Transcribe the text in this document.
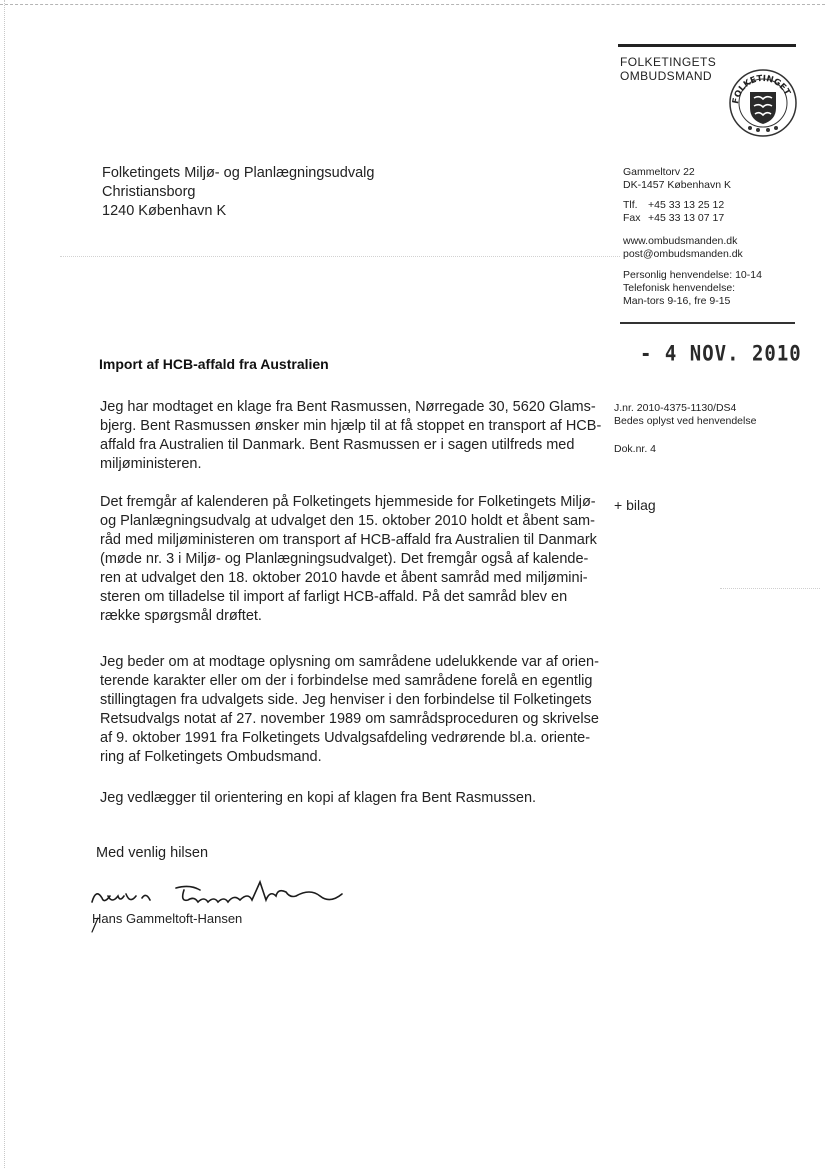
FOLKETINGETS
OMBUDSMAND
FOLKETINGET
Folketingets Miljø- og Planlægningsudvalg
Christiansborg
1240 København K
Gammeltorv 22
DK-1457 København K
Tlf. +45 33 13 25 12
Fax +45 33 13 07 17
www.ombudsmanden.dk
post@ombudsmanden.dk
Personlig henvendelse: 10-14
Telefonisk henvendelse:
Man-tors 9-16, fre 9-15
- 4 NOV. 2010
Import af HCB-affald fra Australien
J.nr. 2010-4375-1130/DS4
Bedes oplyst ved henvendelse
Dok.nr. 4
+ bilag
Jeg har modtaget en klage fra Bent Rasmussen, Nørregade 30, 5620 Glams-
bjerg. Bent Rasmussen ønsker min hjælp til at få stoppet en transport af HCB-
affald fra Australien til Danmark. Bent Rasmussen er i sagen utilfreds med
miljøministeren.
Det fremgår af kalenderen på Folketingets hjemmeside for Folketingets Miljø-
og Planlægningsudvalg at udvalget den 15. oktober 2010 holdt et åbent sam-
råd med miljøministeren om transport af HCB-affald fra Australien til Danmark
(møde nr. 3 i Miljø- og Planlægningsudvalget). Det fremgår også af kalende-
ren at udvalget den 18. oktober 2010 havde et åbent samråd med miljømini-
steren om tilladelse til import af farligt HCB-affald. På det samråd blev en
række spørgsmål drøftet.
Jeg beder om at modtage oplysning om samrådene udelukkende var af orien-
terende karakter eller om der i forbindelse med samrådene forelå en egentlig
stillingtagen fra udvalgets side. Jeg henviser i den forbindelse til Folketingets
Retsudvalgs notat af 27. november 1989 om samrådsproceduren og skrivelse
af 9. oktober 1991 fra Folketingets Udvalgsafdeling vedrørende bl.a. oriente-
ring af Folketingets Ombudsmand.
Jeg vedlægger til orientering en kopi af klagen fra Bent Rasmussen.
Med venlig hilsen
Hans Gammeltoft-Hansen
